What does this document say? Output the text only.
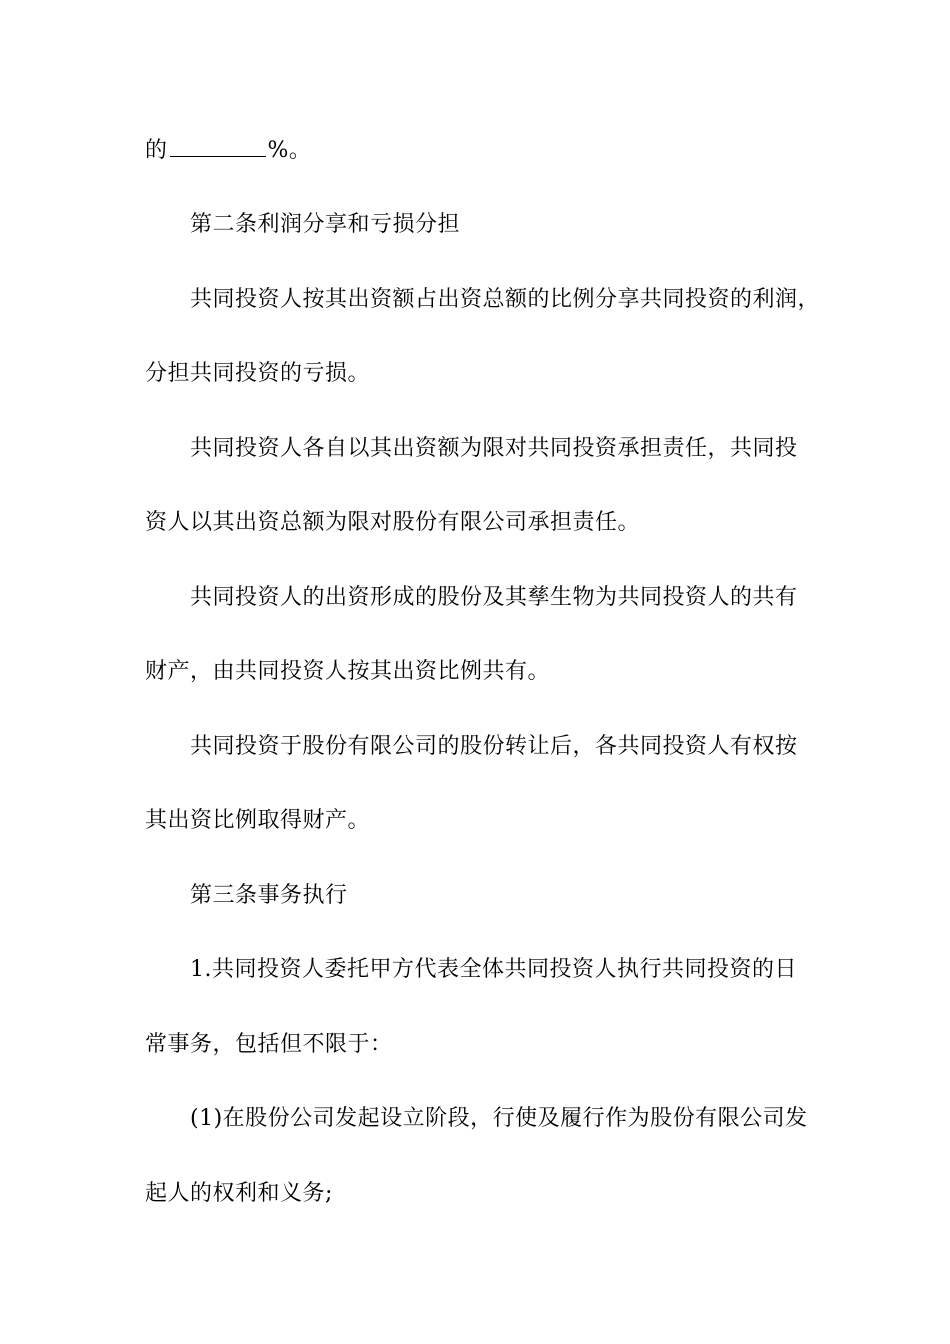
的	%。
第二条利润分享和亏损分担
共同投资人按其出资额占出资总额的比例分享共同投资的利润，
分担共同投资的亏损。
共同投资人各自以其出资额为限对共同投资承担责任，共同投
资人以其出资总额为限对股份有限公司承担责任。
共同投资人的出资形成的股份及其孳生物为共同投资人的共有
财产，由共同投资人按其出资比例共有。
共同投资于股份有限公司的股份转让后，各共同投资人有权按
其出资比例取得财产。
第三条事务执行
1.共同投资人委托甲方代表全体共同投资人执行共同投资的日
常事务，包括但不限于：
(1)在股份公司发起设立阶段，行使及履行作为股份有限公司发
起人的权利和义务;
